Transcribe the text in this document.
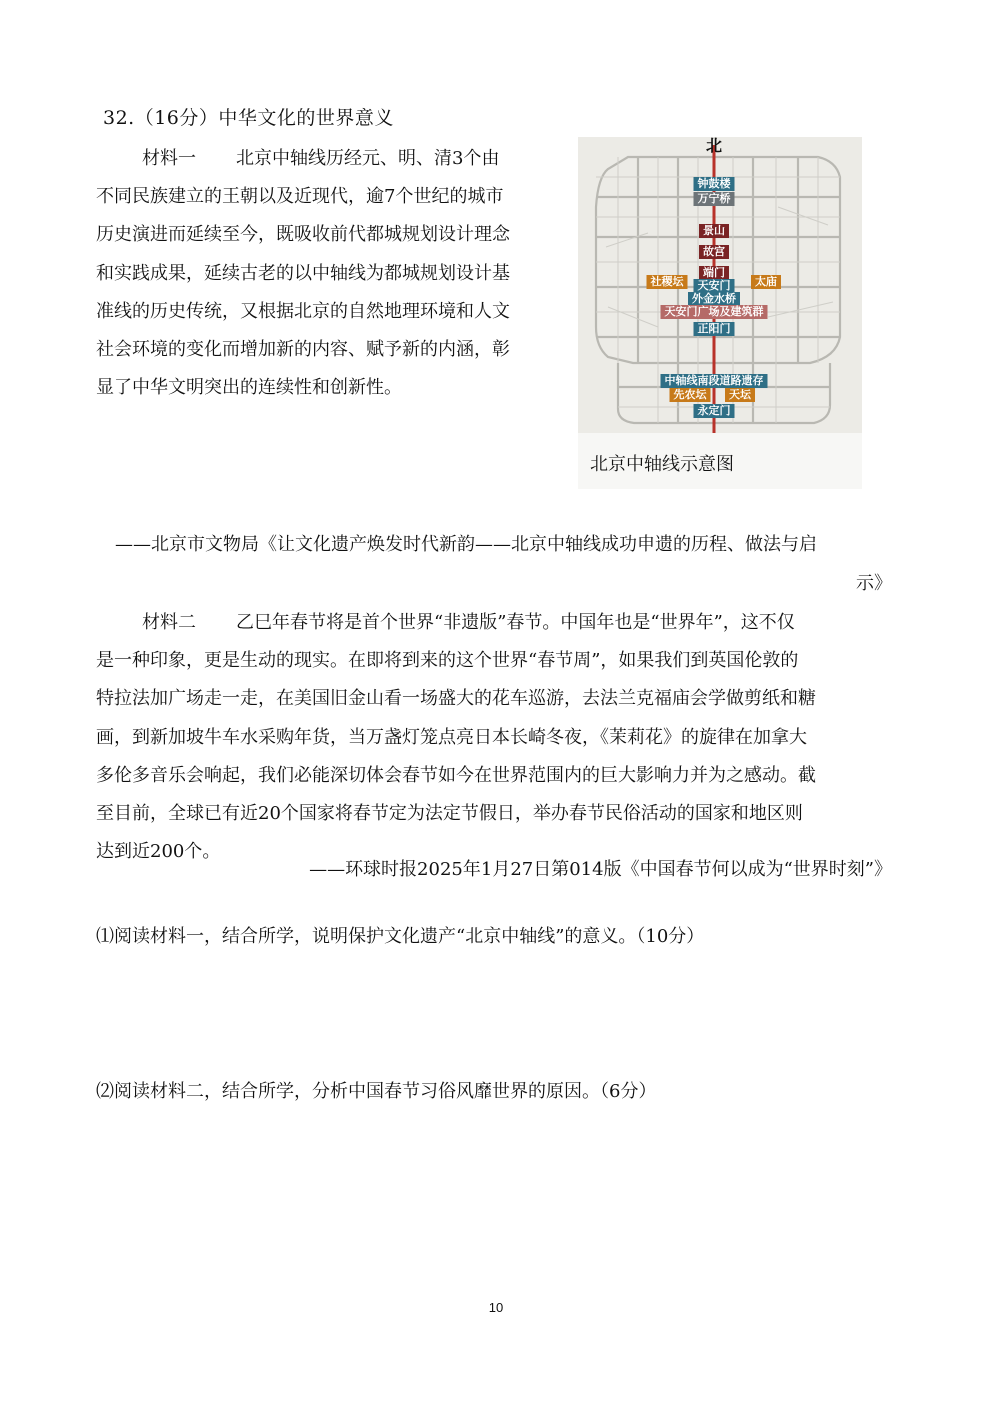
32.（16分）中华文化的世界意义
材料一 北京中轴线历经元、明、清3个由
不同民族建立的王朝以及近现代，逾7个世纪的城市
历史演进而延续至今，既吸收前代都城规划设计理念
和实践成果，延续古老的以中轴线为都城规划设计基
准线的历史传统，又根据北京的自然地理环境和人文
社会环境的变化而增加新的内容、赋予新的内涵，彰
显了中华文明突出的连续性和创新性。
北
钟鼓楼
万宁桥
景山
故宫
端门
社稷坛	太庙
天安门
外金水桥
天安门广场及建筑群
正阳门
中轴线南段道路遗存
先农坛	天坛
永定门
北京中轴线示意图
——北京市文物局《让文化遗产焕发时代新韵——北京中轴线成功申遗的历程、做法与启
示》
材料二 乙巳年春节将是首个世界“非遗版”春节。中国年也是“世界年”，这不仅
是一种印象，更是生动的现实。在即将到来的这个世界“春节周”，如果我们到英国伦敦的
特拉法加广场走一走，在美国旧金山看一场盛大的花车巡游，去法兰克福庙会学做剪纸和糖
画，到新加坡牛车水采购年货，当万盏灯笼点亮日本长崎冬夜，《茉莉花》的旋律在加拿大
多伦多音乐会响起，我们必能深切体会春节如今在世界范围内的巨大影响力并为之感动。截
至目前，全球已有近20个国家将春节定为法定节假日，举办春节民俗活动的国家和地区则
达到近200个。
——环球时报2025年1月27日第014版《中国春节何以成为“世界时刻”》
⑴阅读材料一，结合所学，说明保护文化遗产“北京中轴线”的意义。（10分）
⑵阅读材料二，结合所学，分析中国春节习俗风靡世界的原因。（6分）
10
